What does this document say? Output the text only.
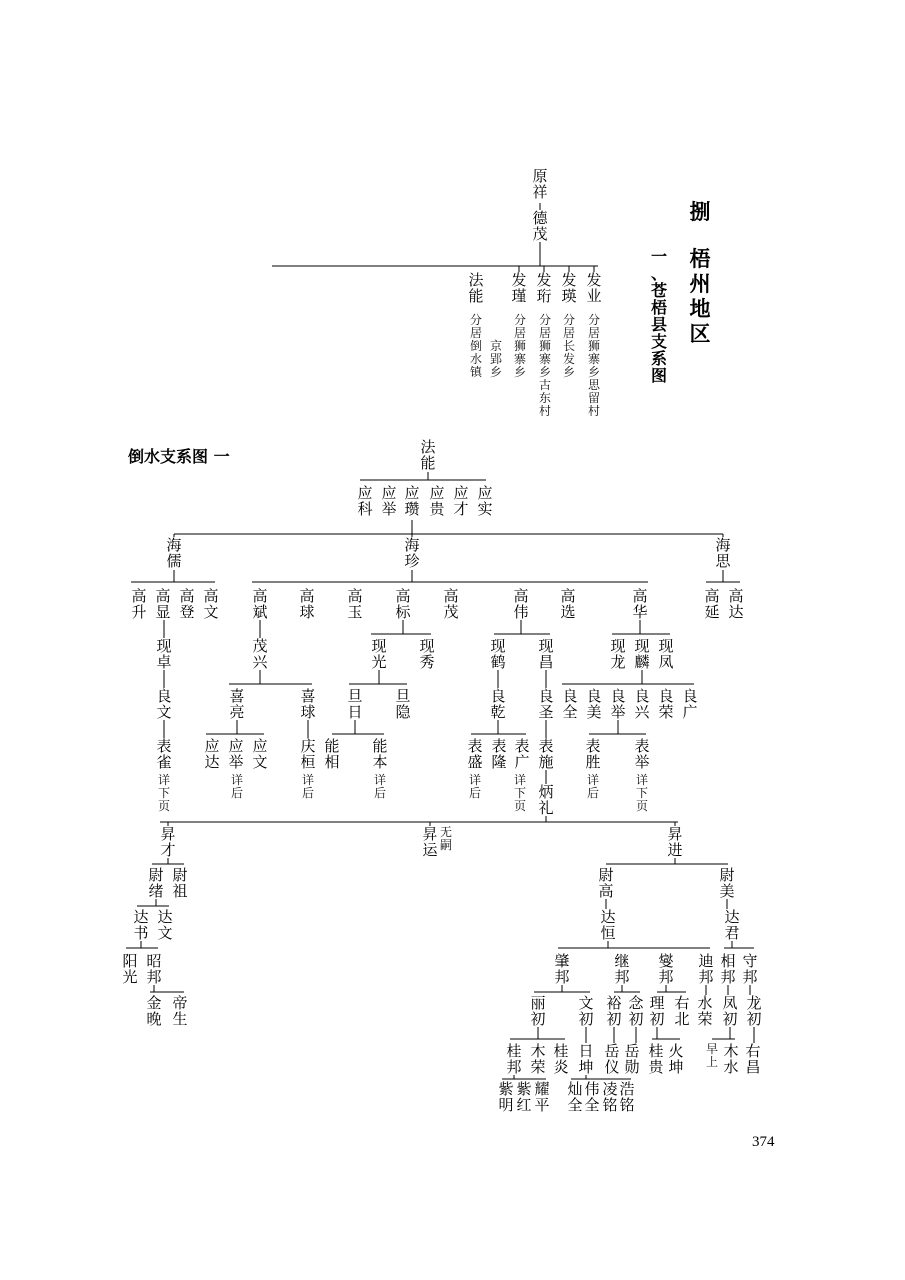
捌
梧
州
地
区
一
、
苍
梧
县
支
系
图
倒水支系图 一
374
原
祥
德
茂
法
能
发
瑾
发
珩
发
瑛
发
业
分
居
倒
水
镇
京
郢
乡
分
居
狮
寨
乡
分
居
狮
寨
乡
古
东
村
分
居
长
发
乡
分
居
狮
寨
乡
思
留
村
法
能
应
科
应
举
应
瓒
应
贵
应
才
应
实
海
儒
海
珍
海
思
高
升
高
显
高
登
高
文
高
斌
高
球
高
玉
高
标
高
茂
高
伟
高
选
高
华
高
延
高
达
现
卓
茂
兴
现
光
现
秀
现
鹤
现
昌
现
龙
现
麟
现
凤
良
文
喜
亮
喜
球
旦
日
旦
隐
良
乾
良
圣
良
全
良
美
良
举
良
兴
良
荣
良
广
表
雀
应
达
应
举
应
文
庆
桓
能
相
能
本
表
盛
表
隆
表
广
表
施
表
胜
表
举
详
下
页
详
后
详
后
详
后
详
后
详
下
页
详
后
详
下
页
炳
礼
昇
才
昇
运
无
嗣
昇
进
尉
绪
尉
祖
尉
高
尉
美
达
书
达
文
达
恒
达
君
阳
光
昭
邦
金
晚
帝
生
肇
邦
继
邦
燮
邦
迪
邦
相
邦
守
邦
丽
初
文
初
裕
初
念
初
理
初
右
北
水
荣
凤
初
龙
初
桂
邦
木
荣
桂
炎
日
坤
岳
仪
岳
勋
桂
贵
火
坤
早
上
木
水
右
昌
紫
明
紫
红
耀
平
灿
全
伟
全
凌
铭
浩
铭
